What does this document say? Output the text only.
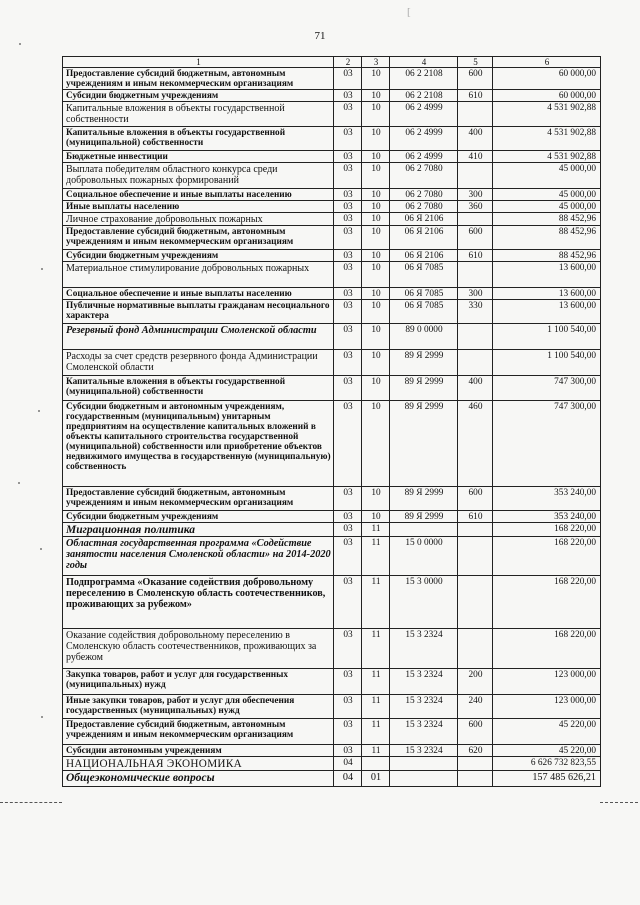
71
[
1	2	3	4	5	6
Предоставление субсидий бюджетным, автономным учреждениям и иным некоммерческим организациям	03	10	06 2 2108	600	60 000,00
Субсидии бюджетным учреждениям	03	10	06 2 2108	610	60 000,00
Капитальные вложения в объекты государственной собственности	03	10	06 2 4999		4 531 902,88
Капитальные вложения в объекты государственной (муниципальной) собственности	03	10	06 2 4999	400	4 531 902,88
Бюджетные инвестиции	03	10	06 2 4999	410	4 531 902,88
Выплата победителям областного конкурса среди добровольных пожарных формирований	03	10	06 2 7080		45 000,00
Социальное обеспечение и иные выплаты населению	03	10	06 2 7080	300	45 000,00
Иные выплаты населению	03	10	06 2 7080	360	45 000,00
Личное страхование добровольных пожарных	03	10	06 Я 2106		88 452,96
Предоставление субсидий бюджетным, автономным учреждениям и иным некоммерческим организациям	03	10	06 Я 2106	600	88 452,96
Субсидии бюджетным учреждениям	03	10	06 Я 2106	610	88 452,96
Материальное стимулирование добровольных пожарных	03	10	06 Я 7085		13 600,00
Социальное обеспечение и иные выплаты населению	03	10	06 Я 7085	300	13 600,00
Публичные нормативные выплаты гражданам несоциального характера	03	10	06 Я 7085	330	13 600,00
Резервный фонд Администрации Смоленской области	03	10	89 0 0000		1 100 540,00
Расходы за счет средств резервного фонда Администрации Смоленской области	03	10	89 Я 2999		1 100 540,00
Капитальные вложения в объекты государственной (муниципальной) собственности	03	10	89 Я 2999	400	747 300,00
Субсидии бюджетным и автономным учреждениям, государственным (муниципальным) унитарным предприятиям на осуществление капитальных вложений в объекты капитального строительства государственной (муниципальной) собственности или приобретение объектов недвижимого имущества в государственную (муниципальную) собственность	03	10	89 Я 2999	460	747 300,00
Предоставление субсидий бюджетным, автономным учреждениям и иным некоммерческим организациям	03	10	89 Я 2999	600	353 240,00
Субсидии бюджетным учреждениям	03	10	89 Я 2999	610	353 240,00
Миграционная политика	03	11			168 220,00
Областная государственная программа «Содействие занятости населения Смоленской области» на 2014-2020 годы	03	11	15 0 0000		168 220,00
Подпрограмма «Оказание содействия добровольному переселению в Смоленскую область соотечественников, проживающих за рубежом»	03	11	15 3 0000		168 220,00
Оказание содействия добровольному переселению в Смоленскую область соотечественников, проживающих за рубежом	03	11	15 3 2324		168 220,00
Закупка товаров, работ и услуг для государственных (муниципальных) нужд	03	11	15 3 2324	200	123 000,00
Иные закупки товаров, работ и услуг для обеспечения государственных (муниципальных) нужд	03	11	15 3 2324	240	123 000,00
Предоставление субсидий бюджетным, автономным учреждениям и иным некоммерческим организациям	03	11	15 3 2324	600	45 220,00
Субсидии автономным учреждениям	03	11	15 3 2324	620	45 220,00
НАЦИОНАЛЬНАЯ ЭКОНОМИКА	04				6 626 732 823,55
Общеэкономические вопросы	04	01			157 485 626,21
